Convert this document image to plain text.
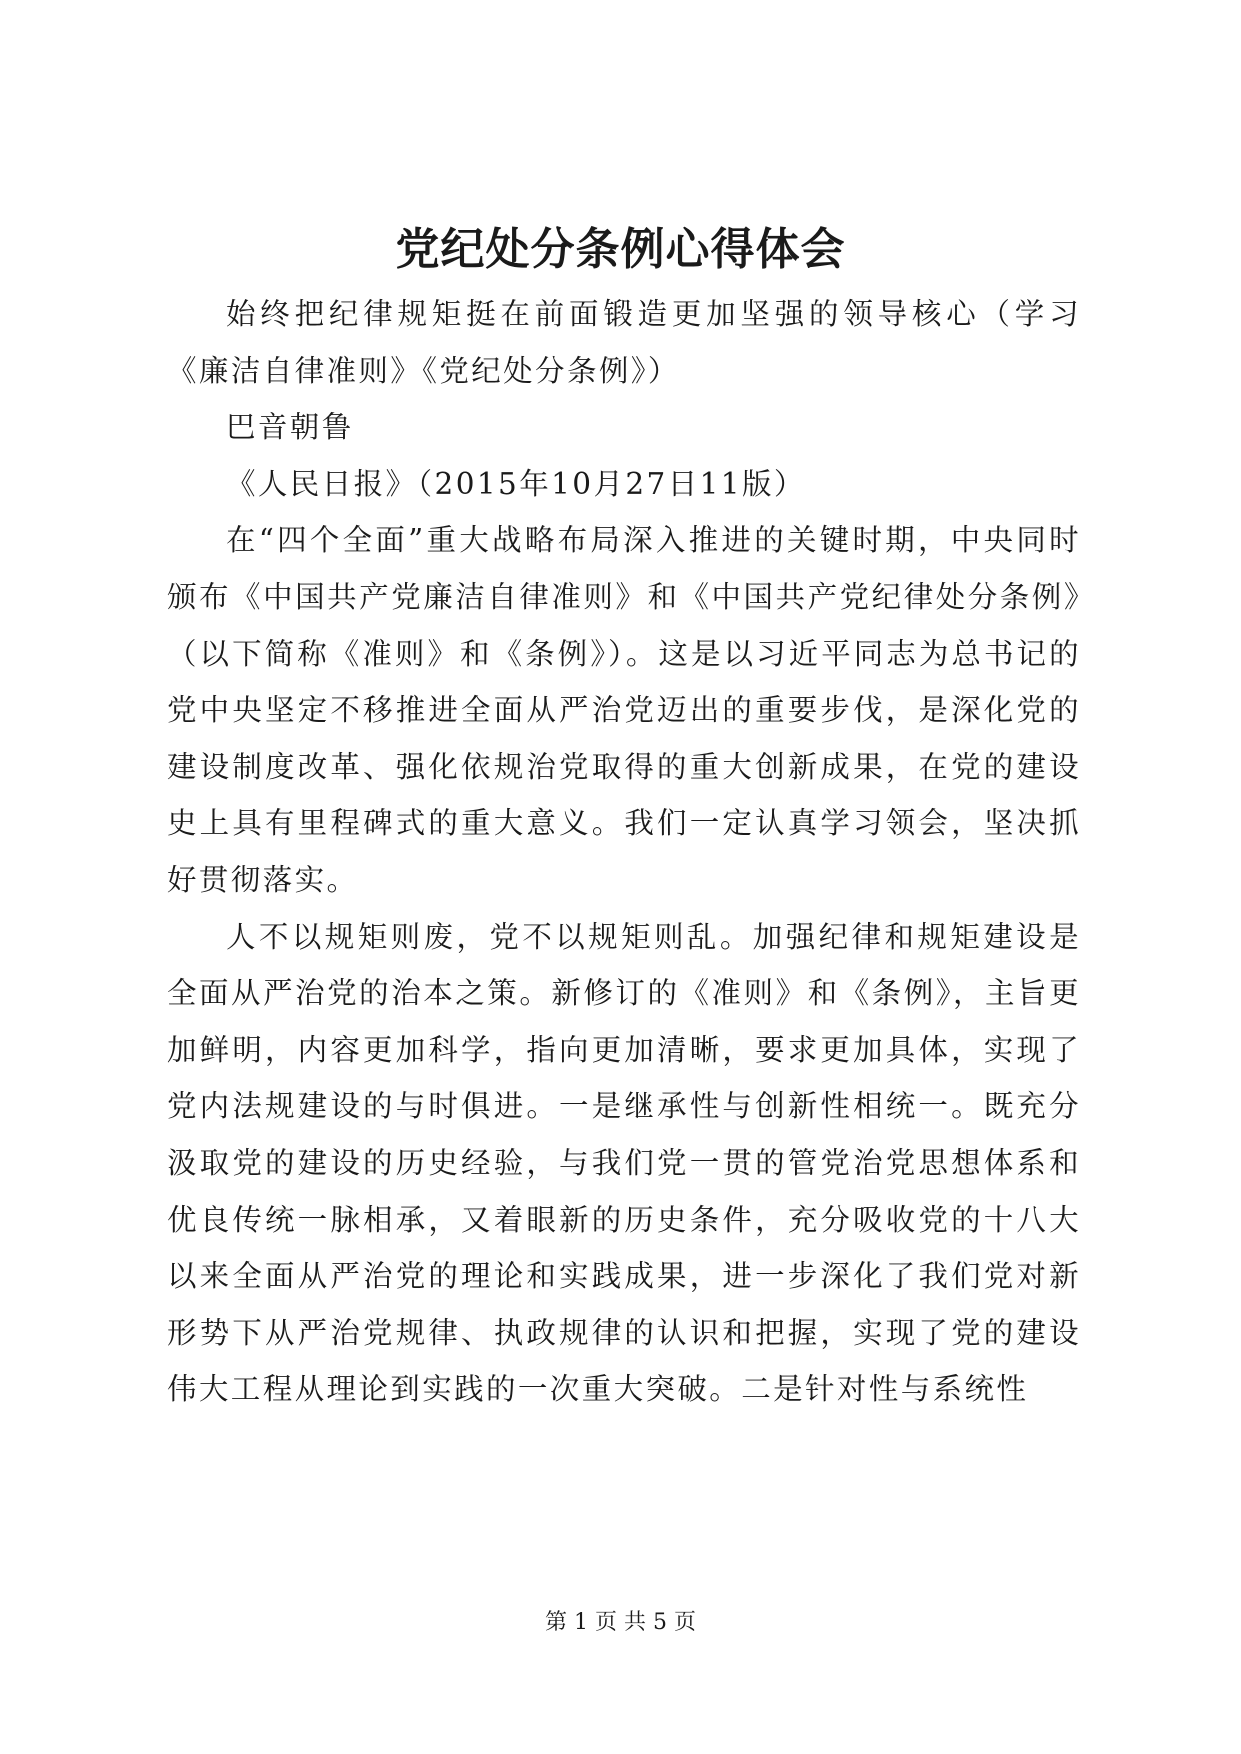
党纪处分条例心得体会

始终把纪律规矩挺在前面锻造更加坚强的领导核心（学习《廉洁自律准则》《党纪处分条例》）

巴音朝鲁

《人民日报》（2015年10月27日11版）

在“四个全面”重大战略布局深入推进的关键时期，中央同时颁布《中国共产党廉洁自律准则》和《中国共产党纪律处分条例》（以下简称《准则》和《条例》）。这是以习近平同志为总书记的党中央坚定不移推进全面从严治党迈出的重要步伐，是深化党的建设制度改革、强化依规治党取得的重大创新成果，在党的建设史上具有里程碑式的重大意义。我们一定认真学习领会，坚决抓好贯彻落实。

人不以规矩则废，党不以规矩则乱。加强纪律和规矩建设是全面从严治党的治本之策。新修订的《准则》和《条例》，主旨更加鲜明，内容更加科学，指向更加清晰，要求更加具体，实现了党内法规建设的与时俱进。一是继承性与创新性相统一。既充分汲取党的建设的历史经验，与我们党一贯的管党治党思想体系和优良传统一脉相承，又着眼新的历史条件，充分吸收党的十八大以来全面从严治党的理论和实践成果，进一步深化了我们党对新形势下从严治党规律、执政规律的认识和把握，实现了党的建设伟大工程从理论到实践的一次重大突破。二是针对性与系统性

第 1 页 共 5 页
